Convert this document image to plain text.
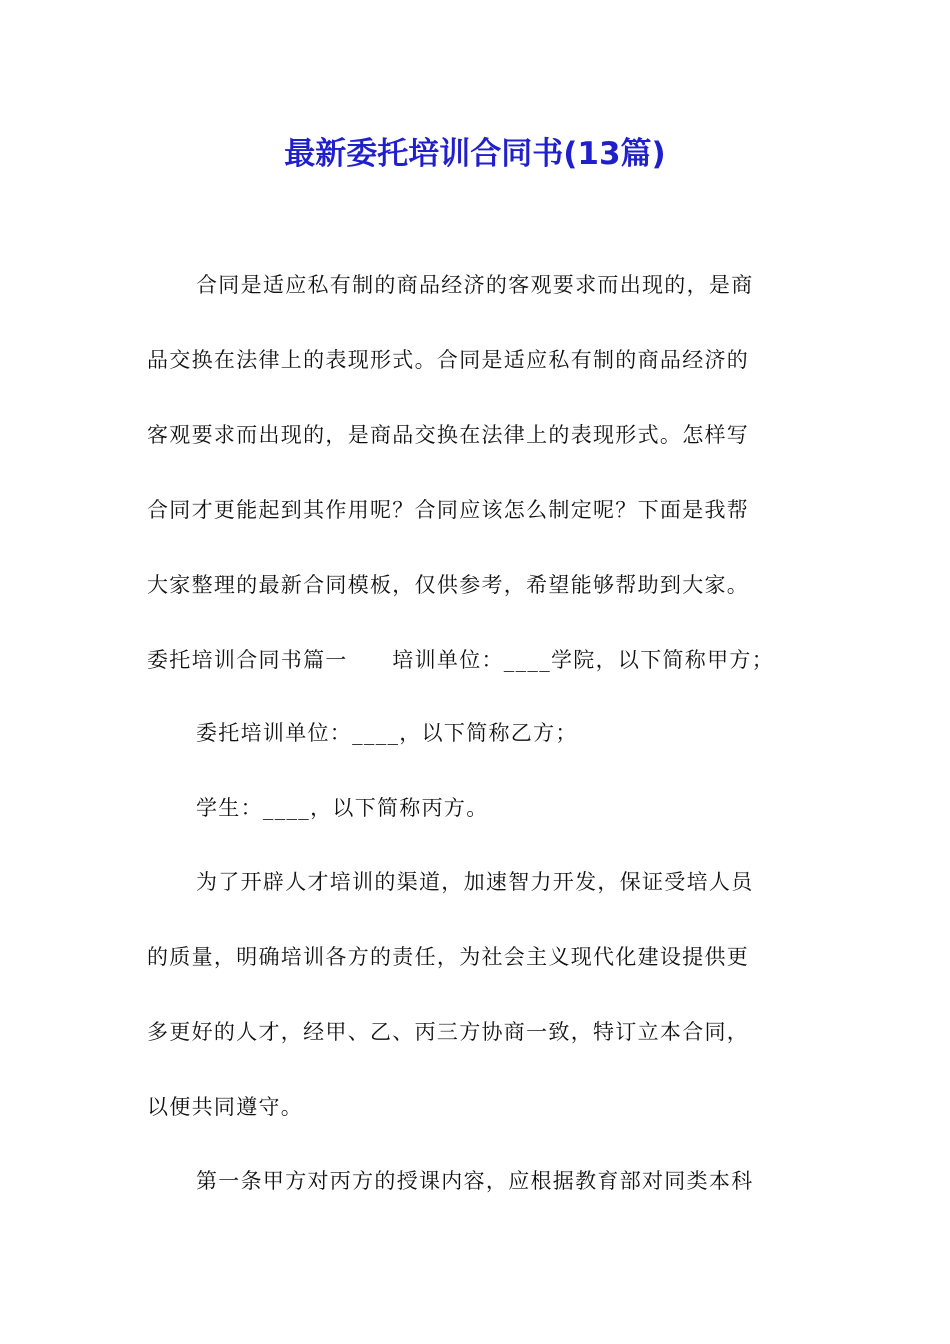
最新委托培训合同书(13篇)
合同是适应私有制的商品经济的客观要求而出现的，是商
品交换在法律上的表现形式。合同是适应私有制的商品经济的
客观要求而出现的，是商品交换在法律上的表现形式。怎样写
合同才更能起到其作用呢？合同应该怎么制定呢？下面是我帮
大家整理的最新合同模板，仅供参考，希望能够帮助到大家。
委托培训合同书篇一　　培训单位：____学院，以下简称甲方；
委托培训单位：____，以下简称乙方；
学生：____，以下简称丙方。
为了开辟人才培训的渠道，加速智力开发，保证受培人员
的质量，明确培训各方的责任，为社会主义现代化建设提供更
多更好的人才，经甲、乙、丙三方协商一致，特订立本合同，
以便共同遵守。
第一条甲方对丙方的授课内容，应根据教育部对同类本科
